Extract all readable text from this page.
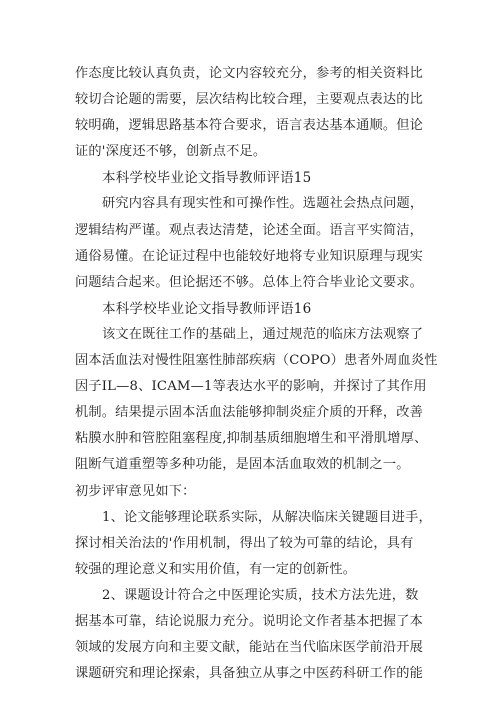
作态度比较认真负责，论文内容较充分，参考的相关资料比
较切合论题的需要，层次结构比较合理，主要观点表达的比
较明确，逻辑思路基本符合要求，语言表达基本通顺。但论
证的'深度还不够，创新点不足。
本科学校毕业论文指导教师评语15
研究内容具有现实性和可操作性。选题社会热点问题，
逻辑结构严谨。观点表达清楚，论述全面。语言平实简洁，
通俗易懂。在论证过程中也能较好地将专业知识原理与现实
问题结合起来。但论据还不够。总体上符合毕业论文要求。
本科学校毕业论文指导教师评语16
该文在既往工作的基础上，通过规范的临床方法观察了
固本活血法对慢性阻塞性肺部疾病（COPO）患者外周血炎性
因子IL—8、ICAM—1等表达水平的影响，并探讨了其作用
机制。结果提示固本活血法能够抑制炎症介质的开释，改善
粘膜水肿和管腔阻塞程度,抑制基质细胞增生和平滑肌增厚、
阻断气道重塑等多种功能，是固本活血取效的机制之一。
初步评审意见如下：
1、论文能够理论联系实际，从解决临床关键题目进手，
探讨相关治法的'作用机制，得出了较为可靠的结论，具有
较强的理论意义和实用价值，有一定的创新性。
2、课题设计符合之中医理论实质，技术方法先进，数
据基本可靠，结论说服力充分。说明论文作者基本把握了本
领域的发展方向和主要文献，能站在当代临床医学前沿开展
课题研究和理论探索，具备独立从事之中医药科研工作的能
